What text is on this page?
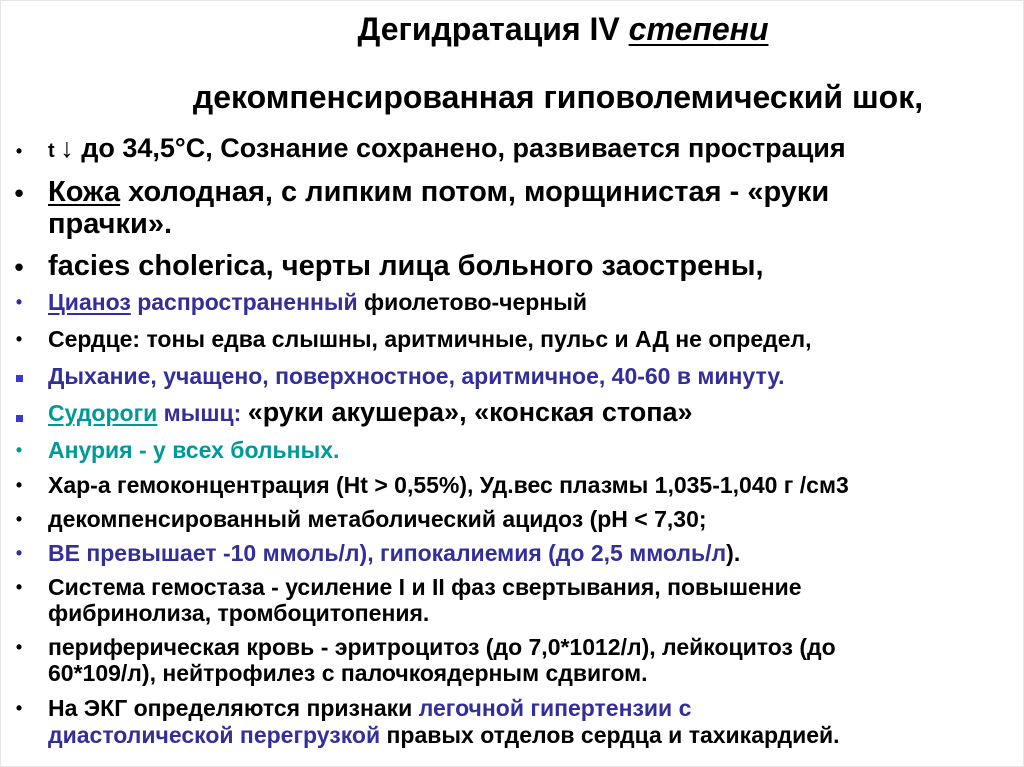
Дегидратация IV степени
декомпенсированная гиповолемический шок,
•	t ↓ до 34,5°С, Сознание сохранено, развивается прострация
• Кожа холодная, с липким потом, морщинистая - «руки
прачки».
• facies cholerica, черты лица больного заострены,
• Цианоз распространенный фиолетово-черный
• Сердце: тоны едва слышны, аритмичные, пульс и АД не определ,
Дыхание, учащено, поверхностное, аритмичное, 40-60 в минуту.
Судороги мышц: «руки акушера», «конская стопа»
• Анурия - у всех больных.
• Хар-а гемоконцентрация (Ht > 0,55%), Уд.вес плазмы 1,035-1,040 г /см3
• декомпенсированный метаболический ацидоз (рН < 7,30;
• BE превышает -10 ммоль/л), гипокалиемия (до 2,5 ммоль/л).
• Система гемостаза - усиление I и II фаз свертывания, повышение
фибринолиза, тромбоцитопения.
• периферическая кровь - эритроцитоз (до 7,0*1012/л), лейкоцитоз (до
60*109/л), нейтрофилез с палочкоядерным сдвигом.
• На ЭКГ определяются признаки легочной гипертензии с
диастолической перегрузкой правых отделов сердца и тахикардией.
